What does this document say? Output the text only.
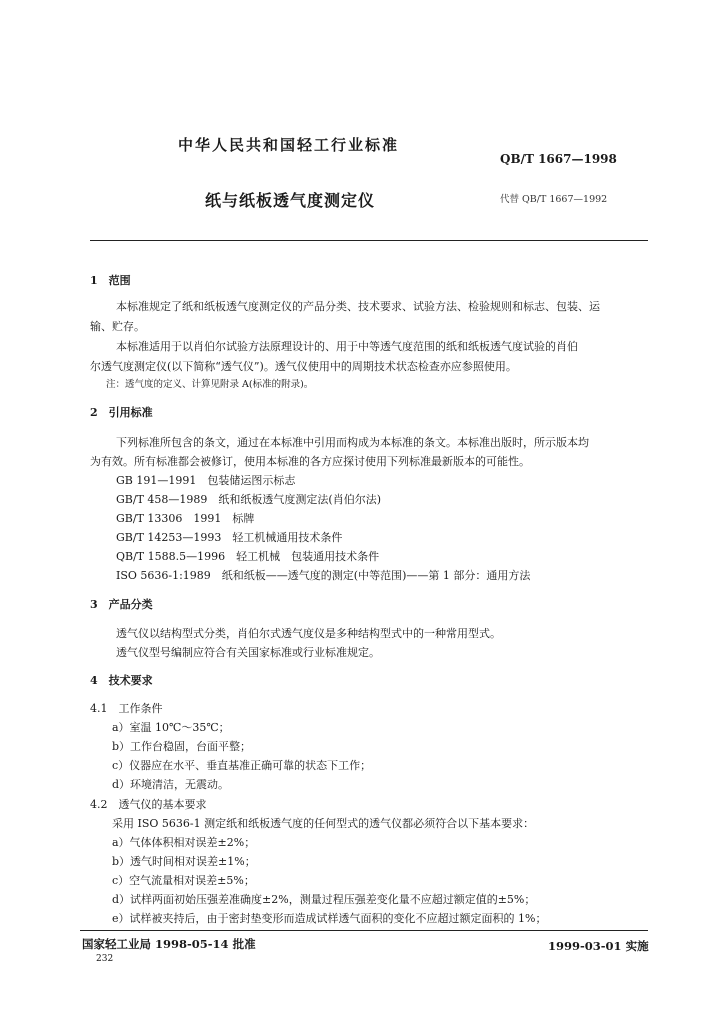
中华人民共和国轻工行业标准
QB/T 1667—1998
纸与纸板透气度测定仪	代替 QB/T 1667—1992
1　范围
本标准规定了纸和纸板透气度测定仪的产品分类、技术要求、试验方法、检验规则和标志、包装、运
输、贮存。
本标准适用于以肖伯尔试验方法原理设计的、用于中等透气度范围的纸和纸板透气度试验的肖伯
尔透气度测定仪(以下简称“透气仪”)。透气仪使用中的周期技术状态检查亦应参照使用。
注：透气度的定义、计算见附录 A(标准的附录)。
2　引用标准
下列标准所包含的条文，通过在本标准中引用而构成为本标准的条文。本标准出版时，所示版本均
为有效。所有标准都会被修订，使用本标准的各方应探讨使用下列标准最新版本的可能性。
GB 191—1991　包装储运图示标志
GB/T 458—1989　纸和纸板透气度测定法(肖伯尔法)
GB/T 13306　1991　标牌
GB/T 14253—1993　轻工机械通用技术条件
QB/T 1588.5—1996　轻工机械　包装通用技术条件
ISO 5636-1:1989　纸和纸板——透气度的测定(中等范围)——第 1 部分：通用方法
3　产品分类
透气仪以结构型式分类，肖伯尔式透气度仪是多种结构型式中的一种常用型式。
透气仪型号编制应符合有关国家标准或行业标准规定。
4　技术要求
4.1　工作条件
a）室温 10℃～35℃；
b）工作台稳固，台面平整；
c）仪器应在水平、垂直基准正确可靠的状态下工作；
d）环境清洁，无震动。
4.2　透气仪的基本要求
采用 ISO 5636-1 测定纸和纸板透气度的任何型式的透气仪都必须符合以下基本要求：
a）气体体积相对误差±2%；
b）透气时间相对误差±1%；
c）空气流量相对误差±5%；
d）试样两面初始压强差准确度±2%，测量过程压强差变化量不应超过额定值的±5%；
e）试样被夹持后，由于密封垫变形而造成试样透气面积的变化不应超过额定面积的 1%；
国家轻工业局 1998-05-14 批准	1999-03-01 实施
232
